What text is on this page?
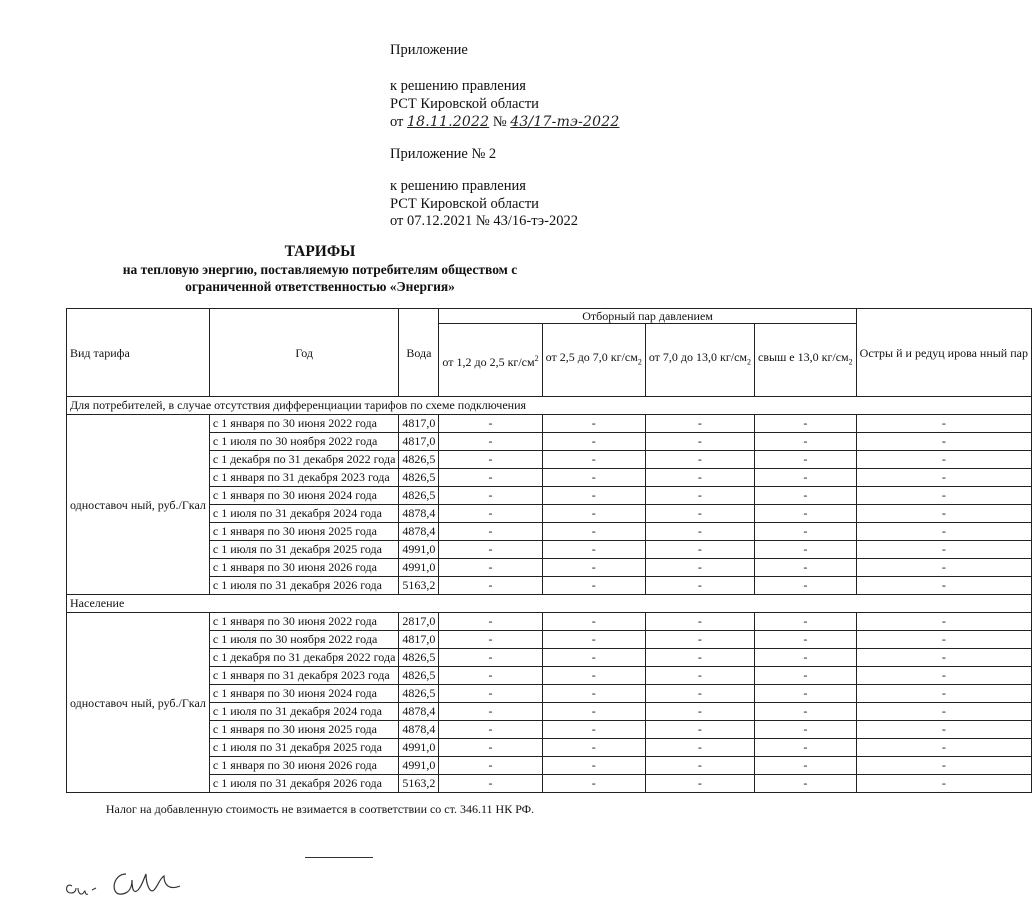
Приложение
к решению правления
РСТ Кировской области
от 18.11.2022 № 43/17-тэ-2022
Приложение № 2
к решению правления
РСТ Кировской области
от 07.12.2021 № 43/16-тэ-2022
ТАРИФЫ
на тепловую энергию, поставляемую потребителям обществом с
ограниченной ответственностью «Энергия»
Вид тарифа	Год	Вода	Отборный пар давлением				Остры й и редуц ирова нный пар
			от 1,2 до 2,5 $кг/см^2$	от 2,5 до 7,0 $кг/см_2$	от 7,0 до 13,0 $кг/см_2$	свыш е 13,0 $кг/см_2$
Для потребителей, в случае отсутствия дифференциации тарифов по схеме подключения							
одноставоч ный, руб./Гкал	с 1 января по 30 июня 2022 года	4817,0	-	-	-	-	-
	с 1 июля по 30 ноября 2022 года	4817,0	-	-	-	-	-
	с 1 декабря по 31 декабря 2022 года	4826,5	-	-	-	-	-
	с 1 января по 31 декабря 2023 года	4826,5	-	-	-	-	-
	с 1 января по 30 июня 2024 года	4826,5	-	-	-	-	-
	с 1 июля по 31 декабря 2024 года	4878,4	-	-	-	-	-
	с 1 января по 30 июня 2025 года	4878,4	-	-	-	-	-
	с 1 июля по 31 декабря 2025 года	4991,0	-	-	-	-	-
	с 1 января по 30 июня 2026 года	4991,0	-	-	-	-	-
	с 1 июля по 31 декабря 2026 года	5163,2	-	-	-	-	-
Население							
одноставоч ный, руб./Гкал	с 1 января по 30 июня 2022 года	2817,0	-	-	-	-	-
	с 1 июля по 30 ноября 2022 года	4817,0	-	-	-	-	-
	с 1 декабря по 31 декабря 2022 года	4826,5	-	-	-	-	-
	с 1 января по 31 декабря 2023 года	4826,5	-	-	-	-	-
	с 1 января по 30 июня 2024 года	4826,5	-	-	-	-	-
	с 1 июля по 31 декабря 2024 года	4878,4	-	-	-	-	-
	с 1 января по 30 июня 2025 года	4878,4	-	-	-	-	-
	с 1 июля по 31 декабря 2025 года	4991,0	-	-	-	-	-
	с 1 января по 30 июня 2026 года	4991,0	-	-	-	-	-
	с 1 июля по 31 декабря 2026 года	5163,2	-	-	-	-	-
Налог на добавленную стоимость не взимается в соответствии со ст. 346.11 НК РФ.
